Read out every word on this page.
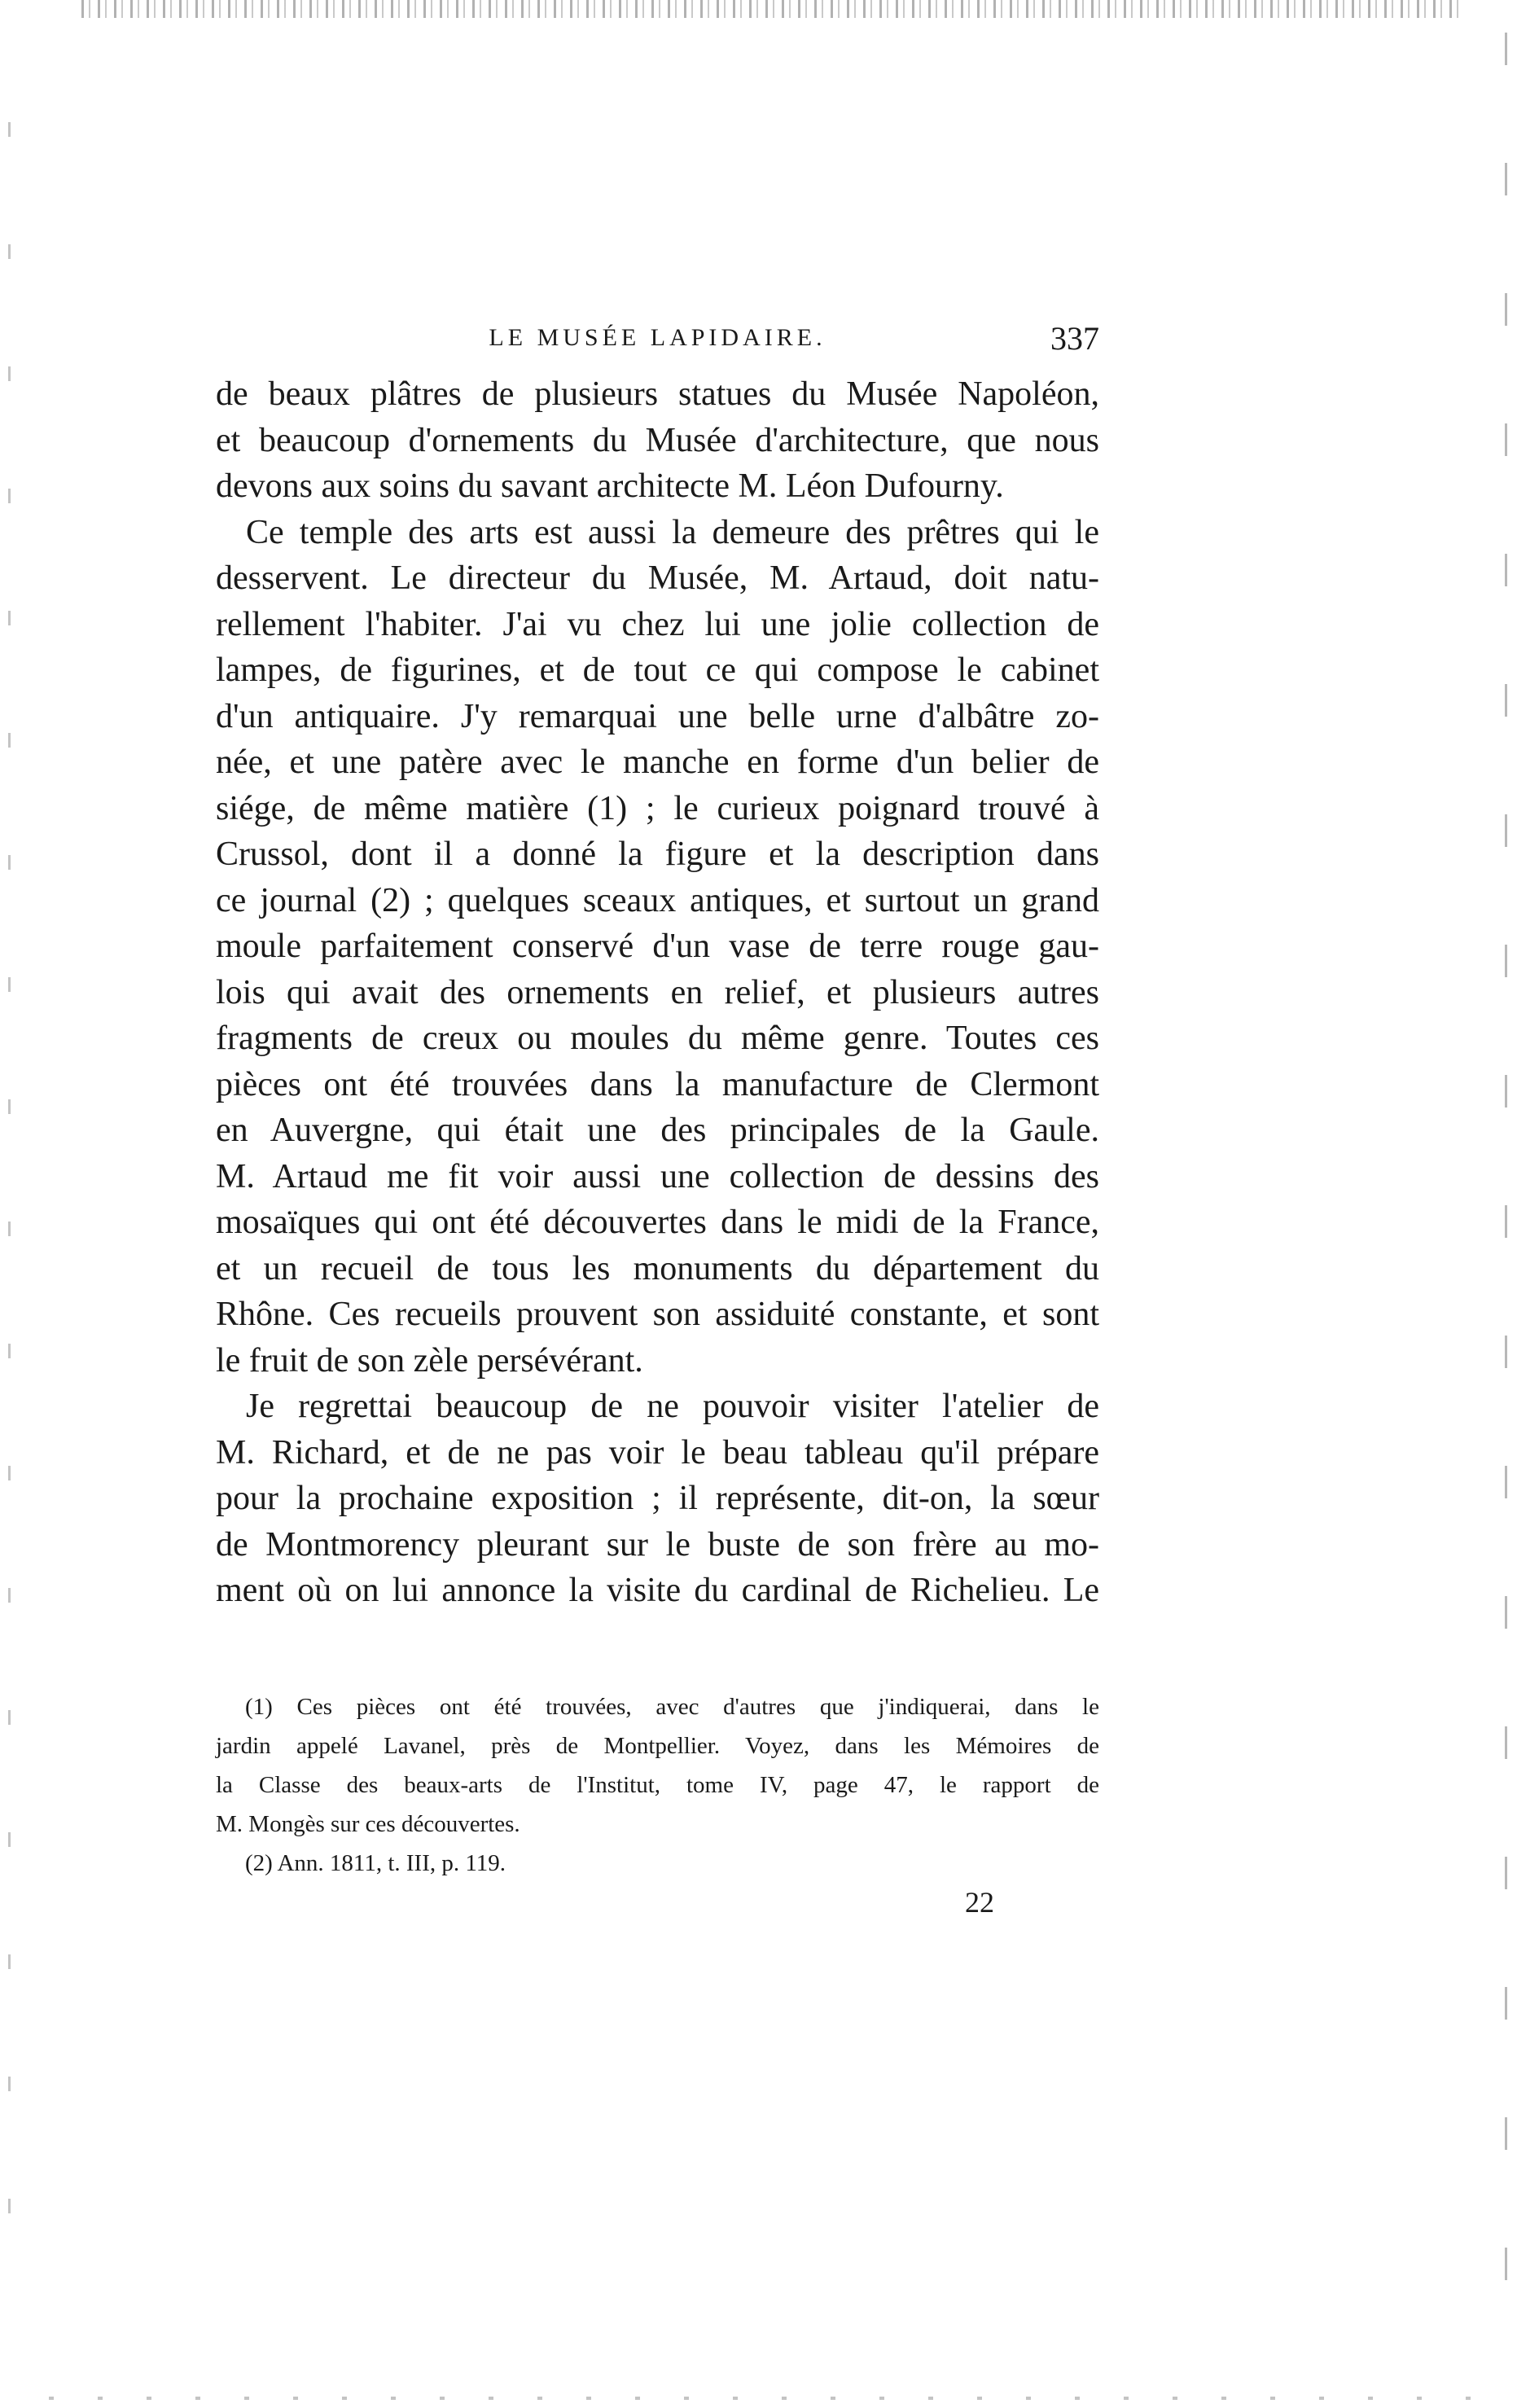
LE MUSÉE LAPIDAIRE.	337
de beaux plâtres de plusieurs statues du Musée Napoléon,
et beaucoup d'ornements du Musée d'architecture, que nous
devons aux soins du savant architecte M. Léon Dufourny.
Ce temple des arts est aussi la demeure des prêtres qui le
desservent. Le directeur du Musée, M. Artaud, doit natu-
rellement l'habiter. J'ai vu chez lui une jolie collection de
lampes, de figurines, et de tout ce qui compose le cabinet
d'un antiquaire. J'y remarquai une belle urne d'albâtre zo-
née, et une patère avec le manche en forme d'un belier de
siége, de même matière (1) ; le curieux poignard trouvé à
Crussol, dont il a donné la figure et la description dans
ce journal (2) ; quelques sceaux antiques, et surtout un grand
moule parfaitement conservé d'un vase de terre rouge gau-
lois qui avait des ornements en relief, et plusieurs autres
fragments de creux ou moules du même genre. Toutes ces
pièces ont été trouvées dans la manufacture de Clermont
en Auvergne, qui était une des principales de la Gaule.
M. Artaud me fit voir aussi une collection de dessins des
mosaïques qui ont été découvertes dans le midi de la France,
et un recueil de tous les monuments du département du
Rhône. Ces recueils prouvent son assiduité constante, et sont
le fruit de son zèle persévérant.
Je regrettai beaucoup de ne pouvoir visiter l'atelier de
M. Richard, et de ne pas voir le beau tableau qu'il prépare
pour la prochaine exposition ; il représente, dit-on, la sœur
de Montmorency pleurant sur le buste de son frère au mo-
ment où on lui annonce la visite du cardinal de Richelieu. Le
(1) Ces pièces ont été trouvées, avec d'autres que j'indiquerai, dans le
jardin appelé Lavanel, près de Montpellier. Voyez, dans les Mémoires de
la Classe des beaux-arts de l'Institut, tome IV, page 47, le rapport de
M. Mongès sur ces découvertes.
(2) Ann. 1811, t. III, p. 119.
22
